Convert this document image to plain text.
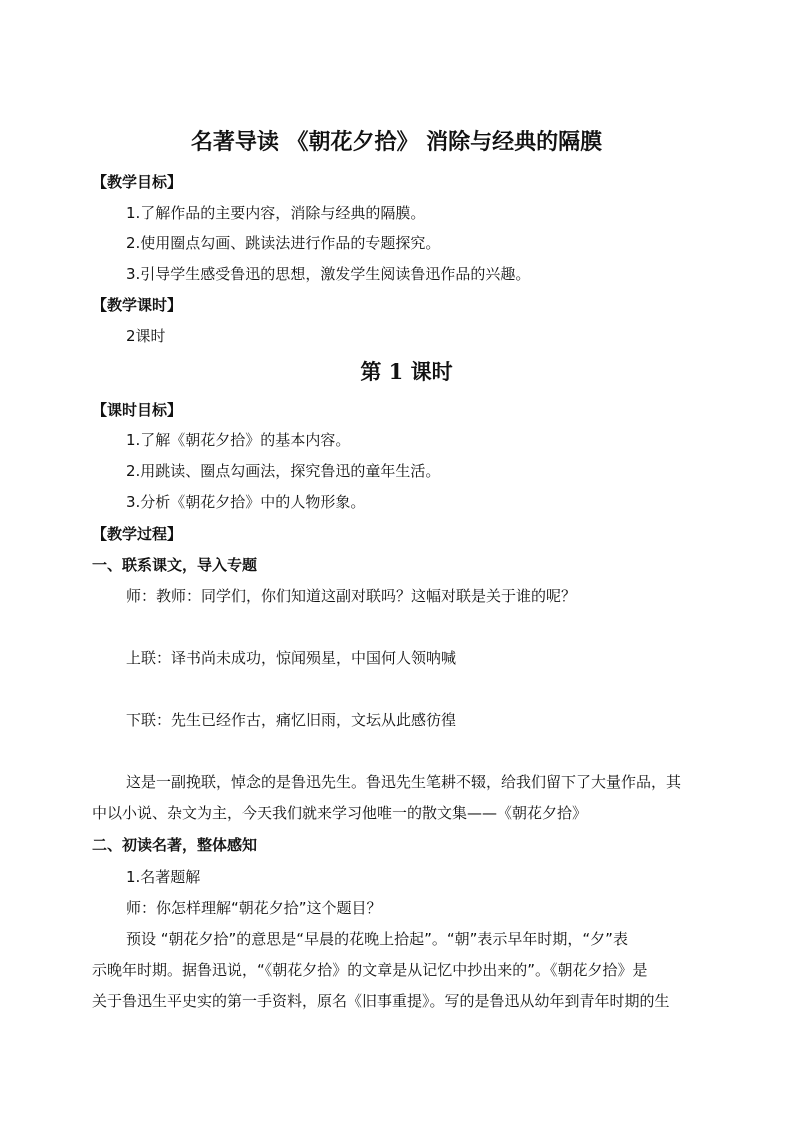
名著导读 《朝花夕拾》 消除与经典的隔膜
【教学目标】
1.了解作品的主要内容，消除与经典的隔膜。
2.使用圈点勾画、跳读法进行作品的专题探究。
3.引导学生感受鲁迅的思想，激发学生阅读鲁迅作品的兴趣。
【教学课时】
2课时
第 1 课时
【课时目标】
1.了解《朝花夕拾》的基本内容。
2.用跳读、圈点勾画法，探究鲁迅的童年生活。
3.分析《朝花夕拾》中的人物形象。
【教学过程】
一、联系课文，导入专题
师：教师：同学们，你们知道这副对联吗？这幅对联是关于谁的呢？
上联：译书尚未成功，惊闻殒星，中国何人领呐喊
下联：先生已经作古，痛忆旧雨，文坛从此感彷徨
这是一副挽联，悼念的是鲁迅先生。鲁迅先生笔耕不辍，给我们留下了大量作品，其
中以小说、杂文为主，今天我们就来学习他唯一的散文集——《朝花夕拾》
二、初读名著，整体感知
1.名著题解
师：你怎样理解“朝花夕拾”这个题目？
预设 “朝花夕拾”的意思是“早晨的花晚上拾起”。“朝”表示早年时期，“夕”表
示晚年时期。据鲁迅说，“《朝花夕拾》的文章是从记忆中抄出来的”。《朝花夕拾》是
关于鲁迅生平史实的第一手资料，原名《旧事重提》。写的是鲁迅从幼年到青年时期的生
